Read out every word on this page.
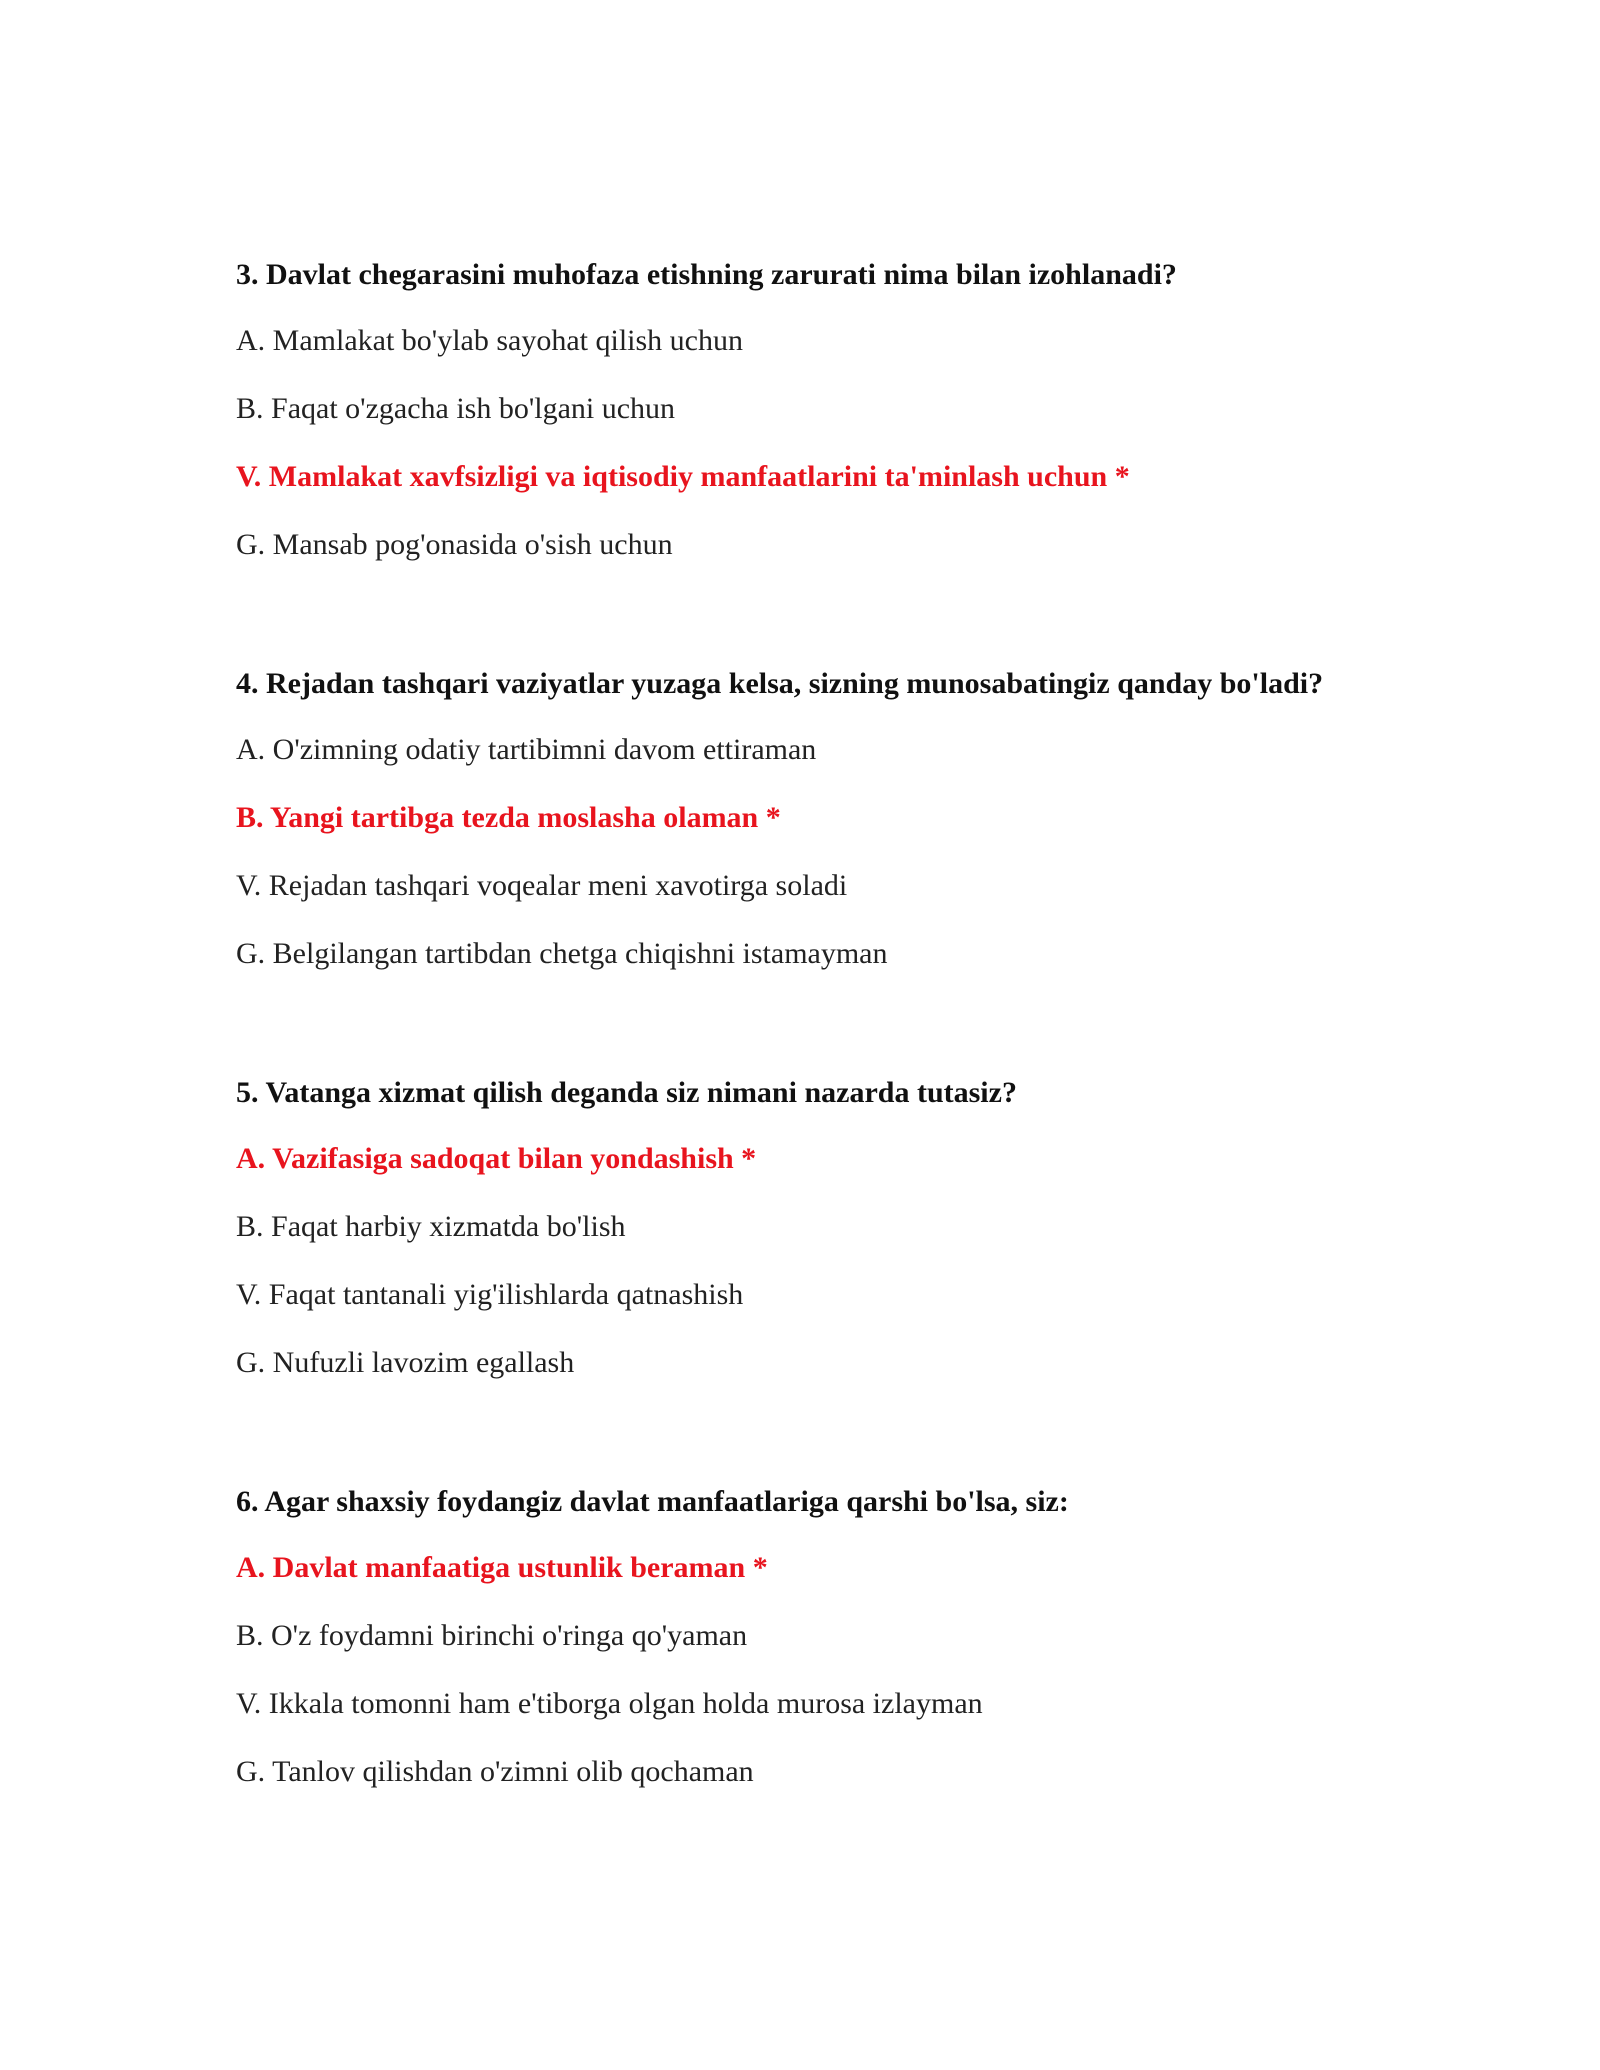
3. Davlat chegarasini muhofaza etishning zarurati nima bilan izohlanadi?

A. Mamlakat bo'ylab sayohat qilish uchun

B. Faqat o'zgacha ish bo'lgani uchun

V. Mamlakat xavfsizligi va iqtisodiy manfaatlarini ta'minlash uchun *

G. Mansab pog'onasida o'sish uchun

4. Rejadan tashqari vaziyatlar yuzaga kelsa, sizning munosabatingiz qanday bo'ladi?

A. O'zimning odatiy tartibimni davom ettiraman

B. Yangi tartibga tezda moslasha olaman *

V. Rejadan tashqari voqealar meni xavotirga soladi

G. Belgilangan tartibdan chetga chiqishni istamayman

5. Vatanga xizmat qilish deganda siz nimani nazarda tutasiz?

A. Vazifasiga sadoqat bilan yondashish *

B. Faqat harbiy xizmatda bo'lish

V. Faqat tantanali yig'ilishlarda qatnashish

G. Nufuzli lavozim egallash

6. Agar shaxsiy foydangiz davlat manfaatlariga qarshi bo'lsa, siz:

A. Davlat manfaatiga ustunlik beraman *

B. O'z foydamni birinchi o'ringa qo'yaman

V. Ikkala tomonni ham e'tiborga olgan holda murosa izlayman

G. Tanlov qilishdan o'zimni olib qochaman
